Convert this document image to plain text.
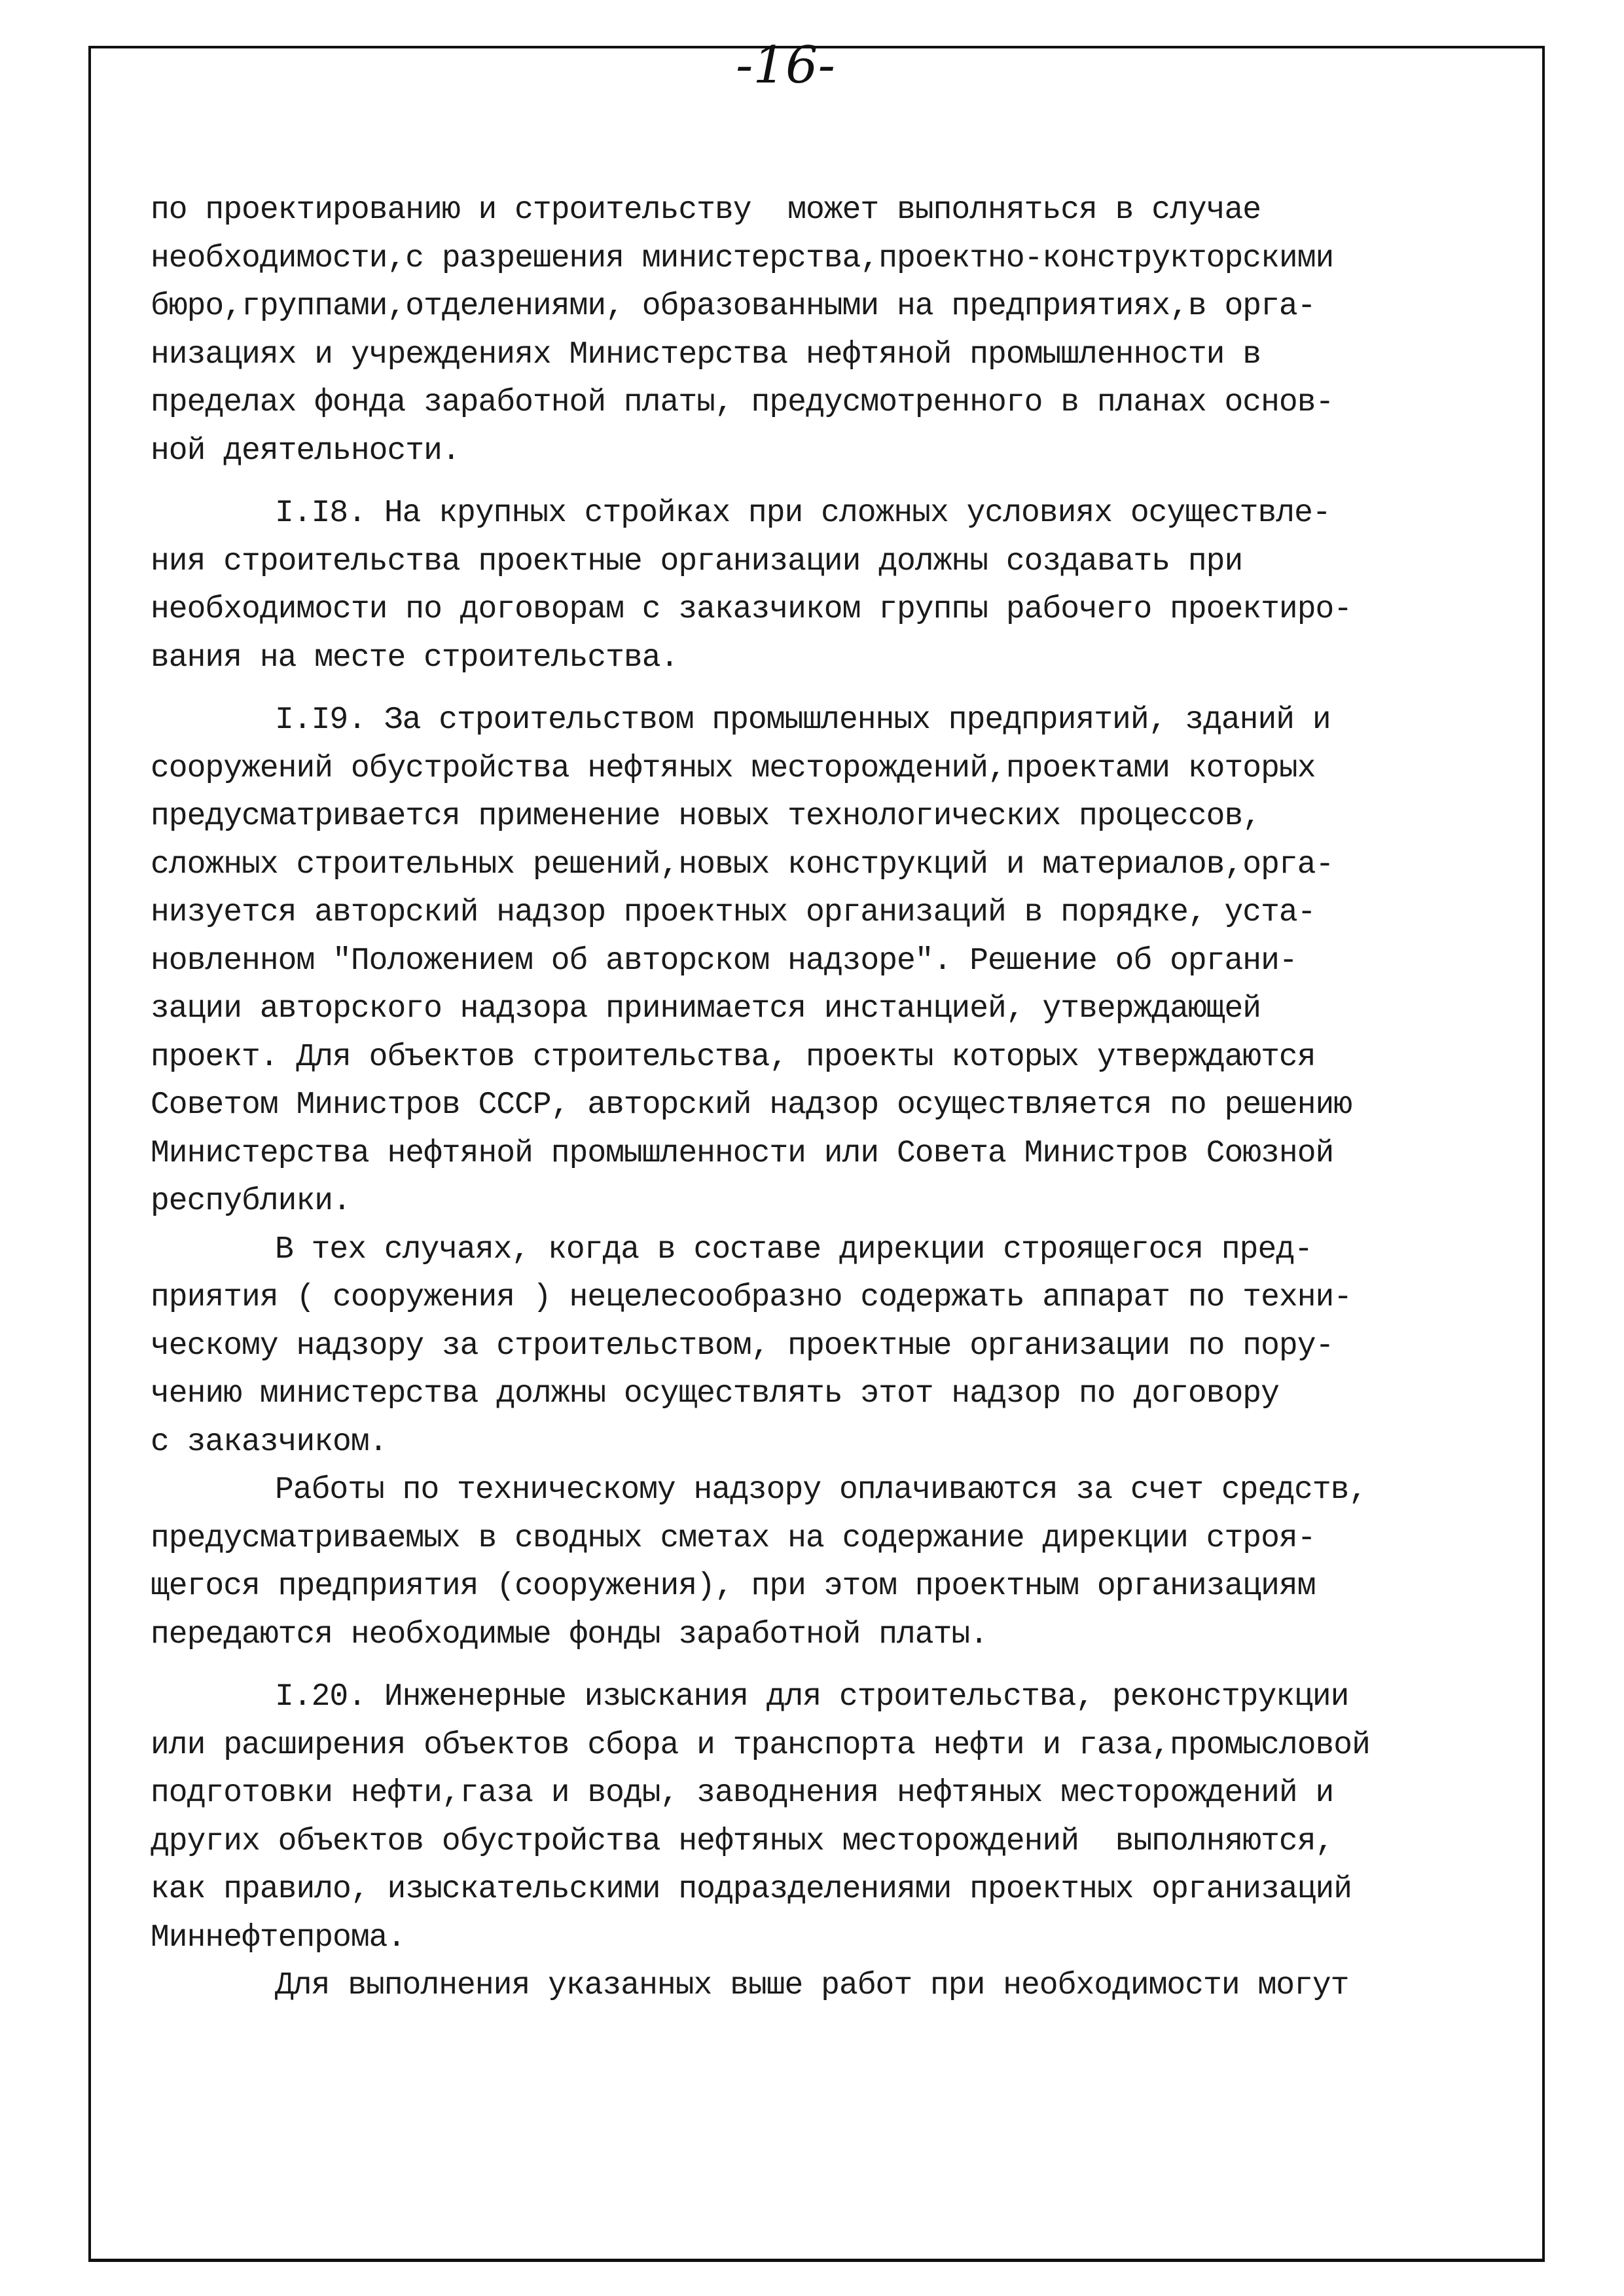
-16-
по проектированию и строительству  может выполняться в случае
необходимости,с разрешения министерства,проектно-конструкторскими
бюро,группами,отделениями, образованными на предприятиях,в орга-
низациях и учреждениях Министерства нефтяной промышленности в
пределах фонда заработной платы, предусмотренного в планах основ-
ной деятельности.
I.I8. На крупных стройках при сложных условиях осуществле-
ния строительства проектные организации должны создавать при
необходимости по договорам с заказчиком группы рабочего проектиро-
вания на месте строительства.
I.I9. За строительством промышленных предприятий, зданий и
сооружений обустройства нефтяных месторождений,проектами которых
предусматривается применение новых технологических процессов,
сложных строительных решений,новых конструкций и материалов,орга-
низуется авторский надзор проектных организаций в порядке, уста-
новленном "Положением об авторском надзоре". Решение об органи-
зации авторского надзора принимается инстанцией, утверждающей
проект. Для объектов строительства, проекты которых утверждаются
Советом Министров СССР, авторский надзор осуществляется по решению
Министерства нефтяной промышленности или Совета Министров Союзной
республики.
В тех случаях, когда в составе дирекции строящегося пред-
приятия ( сооружения ) нецелесообразно содержать аппарат по техни-
ческому надзору за строительством, проектные организации по пору-
чению министерства должны осуществлять этот надзор по договору
с заказчиком.
Работы по техническому надзору оплачиваются за счет средств,
предусматриваемых в сводных сметах на содержание дирекции строя-
щегося предприятия (сооружения), при этом проектным организациям
передаются необходимые фонды заработной платы.
I.20. Инженерные изыскания для строительства, реконструкции
или расширения объектов сбора и транспорта нефти и газа,промысловой
подготовки нефти,газа и воды, заводнения нефтяных месторождений и
других объектов обустройства нефтяных месторождений  выполняются,
как правило, изыскательскими подразделениями проектных организаций
Миннефтепрома.
Для выполнения указанных выше работ при необходимости могут
